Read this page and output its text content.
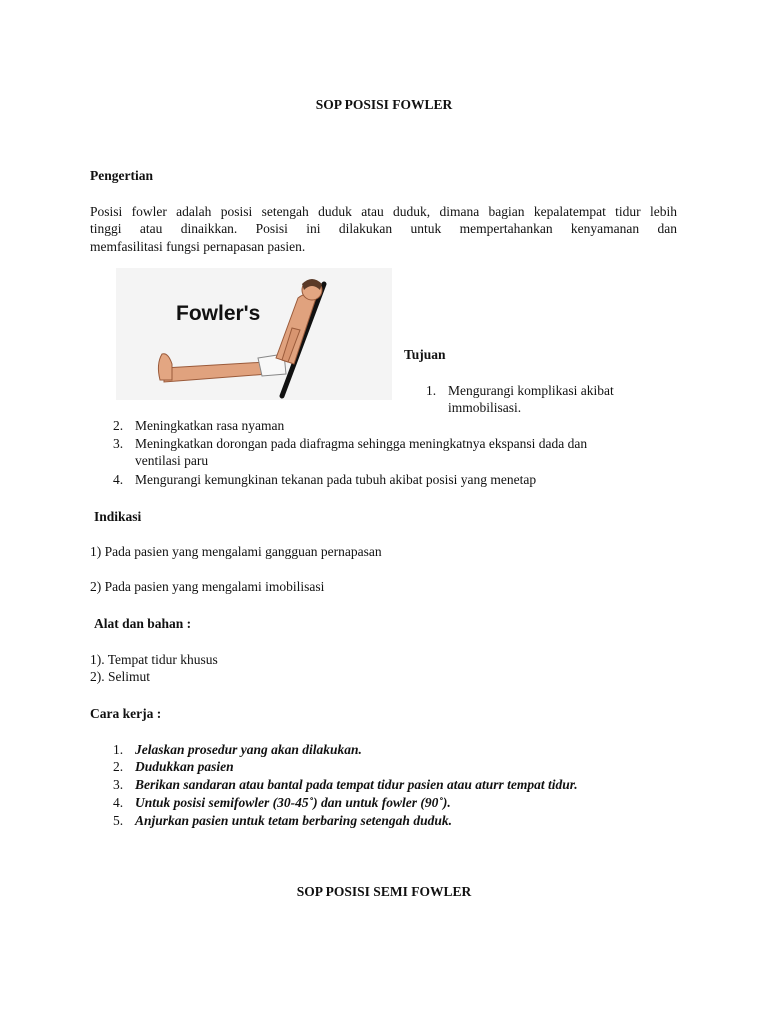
SOP POSISI FOWLER
Pengertian
Posisi fowler adalah posisi setengah duduk atau duduk, dimana bagian kepalatempat tidur lebih
tinggi atau dinaikkan. Posisi ini dilakukan untuk mempertahankan kenyamanan dan
memfasilitasi fungsi pernapasan pasien.
Fowler's
Tujuan
1. Mengurangi komplikasi akibat
immobilisasi.
2. Meningkatkan rasa nyaman
3. Meningkatkan dorongan pada diafragma sehingga meningkatnya ekspansi dada dan
ventilasi paru
4. Mengurangi kemungkinan tekanan pada tubuh akibat posisi yang menetap
Indikasi
1) Pada pasien yang mengalami gangguan pernapasan
2) Pada pasien yang mengalami imobilisasi
Alat dan bahan :
1). Tempat tidur khusus
2). Selimut
Cara kerja :
1. Jelaskan prosedur yang akan dilakukan.
2. Dudukkan pasien
3. Berikan sandaran atau bantal pada tempat tidur pasien atau aturr tempat tidur.
4. Untuk posisi semifowler (30-45˚) dan untuk fowler (90˚).
5. Anjurkan pasien untuk tetam berbaring setengah duduk.
SOP POSISI SEMI FOWLER
